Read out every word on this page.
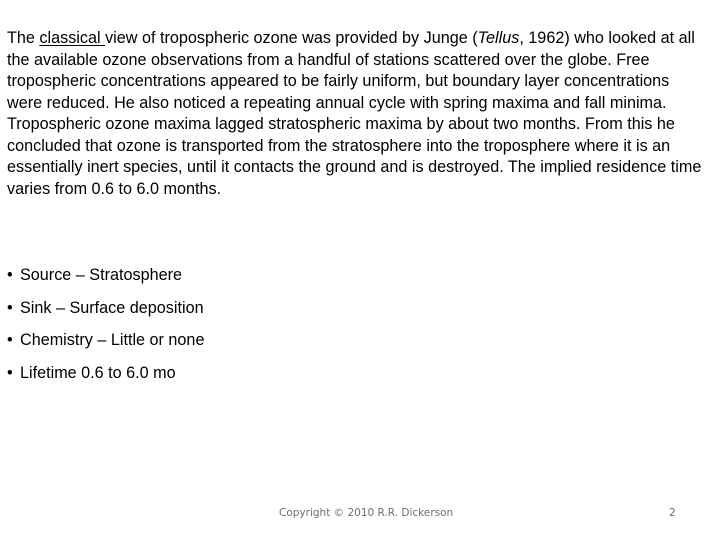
The classical view of tropospheric ozone was provided by Junge (Tellus, 1962) who looked at all the available ozone observations from a handful of stations scattered over the globe. Free tropospheric concentrations appeared to be fairly uniform, but boundary layer concentrations were reduced. He also noticed a repeating annual cycle with spring maxima and fall minima. Tropospheric ozone maxima lagged stratospheric maxima by about two months. From this he concluded that ozone is transported from the stratosphere into the troposphere where it is an essentially inert species, until it contacts the ground and is destroyed. The implied residence time varies from 0.6 to 6.0 months.

• Source – Stratosphere
• Sink – Surface deposition
• Chemistry – Little or none
• Lifetime 0.6 to 6.0 mo
Copyright © 2010 R.R. Dickerson	2
